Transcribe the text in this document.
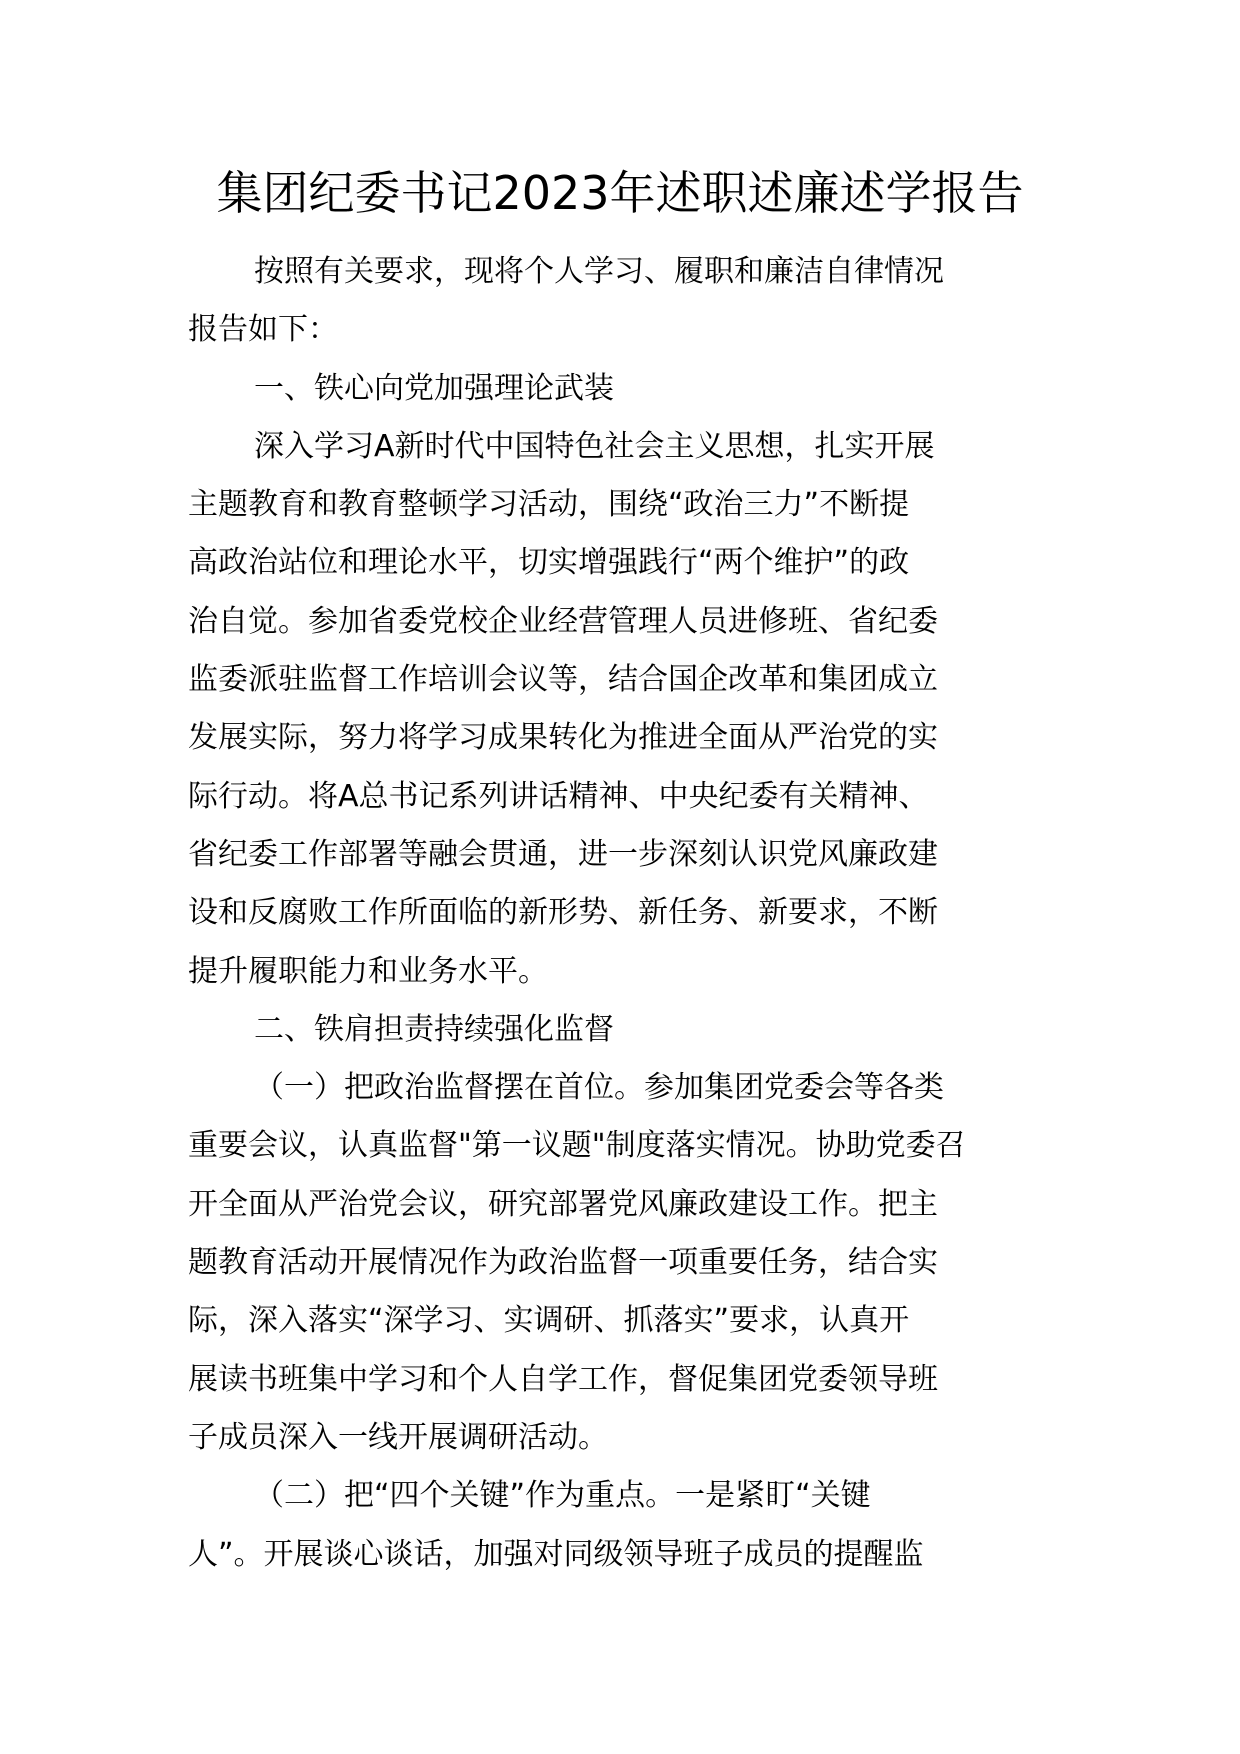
集团纪委书记2023年述职述廉述学报告

按照有关要求，现将个人学习、履职和廉洁自律情况
报告如下：

一、铁心向党加强理论武装

深入学习A新时代中国特色社会主义思想，扎实开展
主题教育和教育整顿学习活动，围绕“政治三力”不断提
高政治站位和理论水平，切实增强践行“两个维护”的政
治自觉。参加省委党校企业经营管理人员进修班、省纪委
监委派驻监督工作培训会议等，结合国企改革和集团成立
发展实际，努力将学习成果转化为推进全面从严治党的实
际行动。将A总书记系列讲话精神、中央纪委有关精神、
省纪委工作部署等融会贯通，进一步深刻认识党风廉政建
设和反腐败工作所面临的新形势、新任务、新要求，不断
提升履职能力和业务水平。

二、铁肩担责持续强化监督

（一）把政治监督摆在首位。参加集团党委会等各类
重要会议，认真监督"第一议题"制度落实情况。协助党委召
开全面从严治党会议，研究部署党风廉政建设工作。把主
题教育活动开展情况作为政治监督一项重要任务，结合实
际，深入落实“深学习、实调研、抓落实”要求，认真开
展读书班集中学习和个人自学工作，督促集团党委领导班
子成员深入一线开展调研活动。

（二）把“四个关键”作为重点。一是紧盯“关键
人”。开展谈心谈话，加强对同级领导班子成员的提醒监
